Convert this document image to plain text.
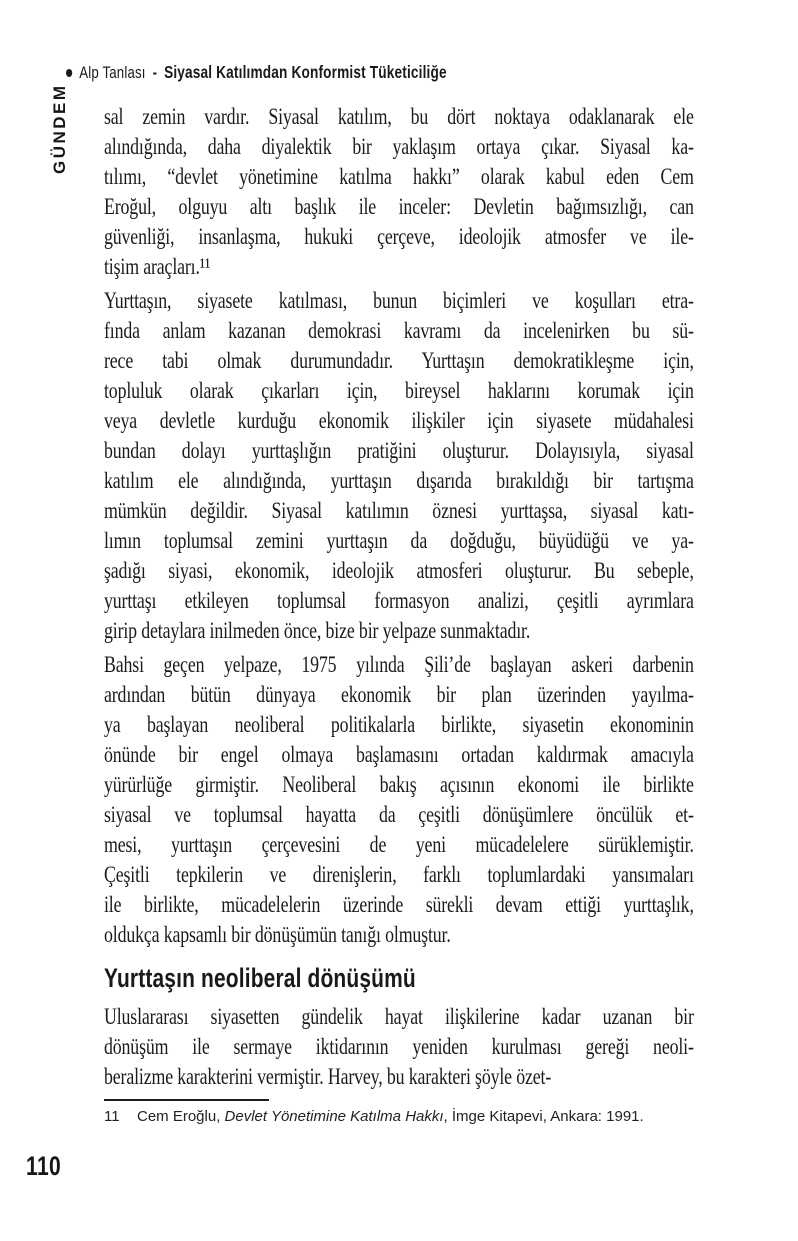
Alp Tanlası - Siyasal Katılımdan Konformist Tüketiciliğe
GÜNDEM sal zemin vardır. Siyasal katılım, bu dört noktaya odaklanarak ele
alındığında, daha diyalektik bir yaklaşım ortaya çıkar. Siyasal ka-
tılımı, “devlet yönetimine katılma hakkı” olarak kabul eden Cem
Eroğul, olguyu altı başlık ile inceler: Devletin bağımsızlığı, can
güvenliği, insanlaşma, hukuki çerçeve, ideolojik atmosfer ve ile-
tişim araçları.¹¹
Yurttaşın, siyasete katılması, bunun biçimleri ve koşulları etra-
fında anlam kazanan demokrasi kavramı da incelenirken bu sü-
rece tabi olmak durumundadır. Yurttaşın demokratikleşme için,
topluluk olarak çıkarları için, bireysel haklarını korumak için
veya devletle kurduğu ekonomik ilişkiler için siyasete müdahalesi
bundan dolayı yurttaşlığın pratiğini oluşturur. Dolayısıyla, siyasal
katılım ele alındığında, yurttaşın dışarıda bırakıldığı bir tartışma
mümkün değildir. Siyasal katılımın öznesi yurttaşsa, siyasal katı-
lımın toplumsal zemini yurttaşın da doğduğu, büyüdüğü ve ya-
şadığı siyasi, ekonomik, ideolojik atmosferi oluşturur. Bu sebeple,
yurttaşı etkileyen toplumsal formasyon analizi, çeşitli ayrımlara
girip detaylara inilmeden önce, bize bir yelpaze sunmaktadır.
Bahsi geçen yelpaze, 1975 yılında Şili’de başlayan askeri darbenin
ardından bütün dünyaya ekonomik bir plan üzerinden yayılma-
ya başlayan neoliberal politikalarla birlikte, siyasetin ekonominin
önünde bir engel olmaya başlamasını ortadan kaldırmak amacıyla
yürürlüğe girmiştir. Neoliberal bakış açısının ekonomi ile birlikte
siyasal ve toplumsal hayatta da çeşitli dönüşümlere öncülük et-
mesi, yurttaşın çerçevesini de yeni mücadelelere sürüklemiştir.
Çeşitli tepkilerin ve direnişlerin, farklı toplumlardaki yansımaları
ile birlikte, mücadelelerin üzerinde sürekli devam ettiği yurttaşlık,
oldukça kapsamlı bir dönüşümün tanığı olmuştur.
Yurttaşın neoliberal dönüşümü
Uluslararası siyasetten gündelik hayat ilişkilerine kadar uzanan bir
dönüşüm ile sermaye iktidarının yeniden kurulması gereği neoli-
beralizme karakterini vermiştir. Harvey, bu karakteri şöyle özet-
11 Cem Eroğlu, Devlet Yönetimine Katılma Hakkı, İmge Kitapevi, Ankara: 1991.
110
